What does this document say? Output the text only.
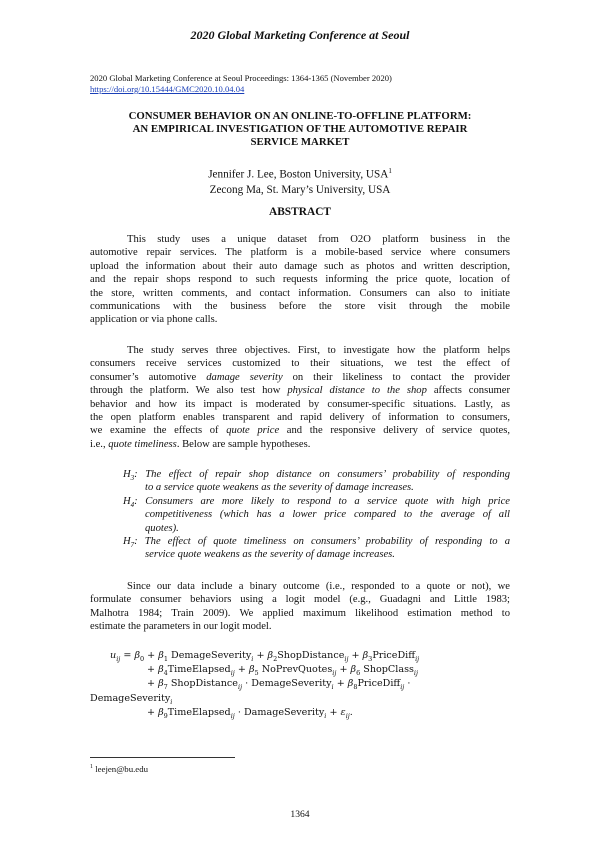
2020 Global Marketing Conference at Seoul
2020 Global Marketing Conference at Seoul Proceedings: 1364-1365 (November 2020)
https://doi.org/10.15444/GMC2020.10.04.04
CONSUMER BEHAVIOR ON AN ONLINE-TO-OFFLINE PLATFORM:
AN EMPIRICAL INVESTIGATION OF THE AUTOMOTIVE REPAIR
SERVICE MARKET
Jennifer J. Lee, Boston University, USA$^1$
Zecong Ma, St. Mary’s University, USA
ABSTRACT
This study uses a unique dataset from O2O platform business in the
automotive repair services. The platform is a mobile-based service where consumers
upload the information about their auto damage such as photos and written description,
and the repair shops respond to such requests informing the price quote, location of
the store, written comments, and contact information. Consumers can also to initiate
communications with the business before the store visit through the mobile
application or via phone calls.
The study serves three objectives. First, to investigate how the platform helps
consumers receive services customized to their situations, we test the effect of
consumer’s automotive damage severity on their likeliness to contact the provider
through the platform. We also test how physical distance to the shop affects consumer
behavior and how its impact is moderated by consumer-specific situations. Lastly, as
the open platform enables transparent and rapid delivery of information to consumers,
we examine the effects of quote price and the responsive delivery of service quotes,
i.e., quote timeliness. Below are sample hypotheses.
$H_3$: The effect of repair shop distance on consumers’ probability of responding
to a service quote weakens as the severity of damage increases.
$H_4$: Consumers are more likely to respond to a service quote with high price
competitiveness (which has a lower price compared to the average of all
quotes).
$H_7$: The effect of quote timeliness on consumers’ probability of responding to a
service quote weakens as the severity of damage increases.
Since our data include a binary outcome (i.e., responded to a quote or not), we
formulate consumer behaviors using a logit model (e.g., Guadagni and Little 1983;
Malhotra 1984; Train 2009). We applied maximum likelihood estimation method to
estimate the parameters in our logit model.
$u_{ij} = \beta_0 + \beta_1$ DemageSeverity$_i$ + $\beta_2ShopDistance_{ij}$ + $\beta_3PriceDiff_{ij}$
+ $\beta_4TimeElapsed_{ij} + \beta_5$ NoPrevQuotes$_{ij}$ + $\beta_6$ ShopClass$_{ij}$
+ $\beta_7$ ShopDistance$_{ij}$ · DemageSeverity$_i$ + $\beta_8PriceDiff_{ij}$ ·
DemageSeverity$_i$
+ $\beta_9TimeElapsed_{ij}$ · DamageSeverity$_i$ + $\varepsilon_{ij}$.
$^1$ leejen@bu.edu
1364
